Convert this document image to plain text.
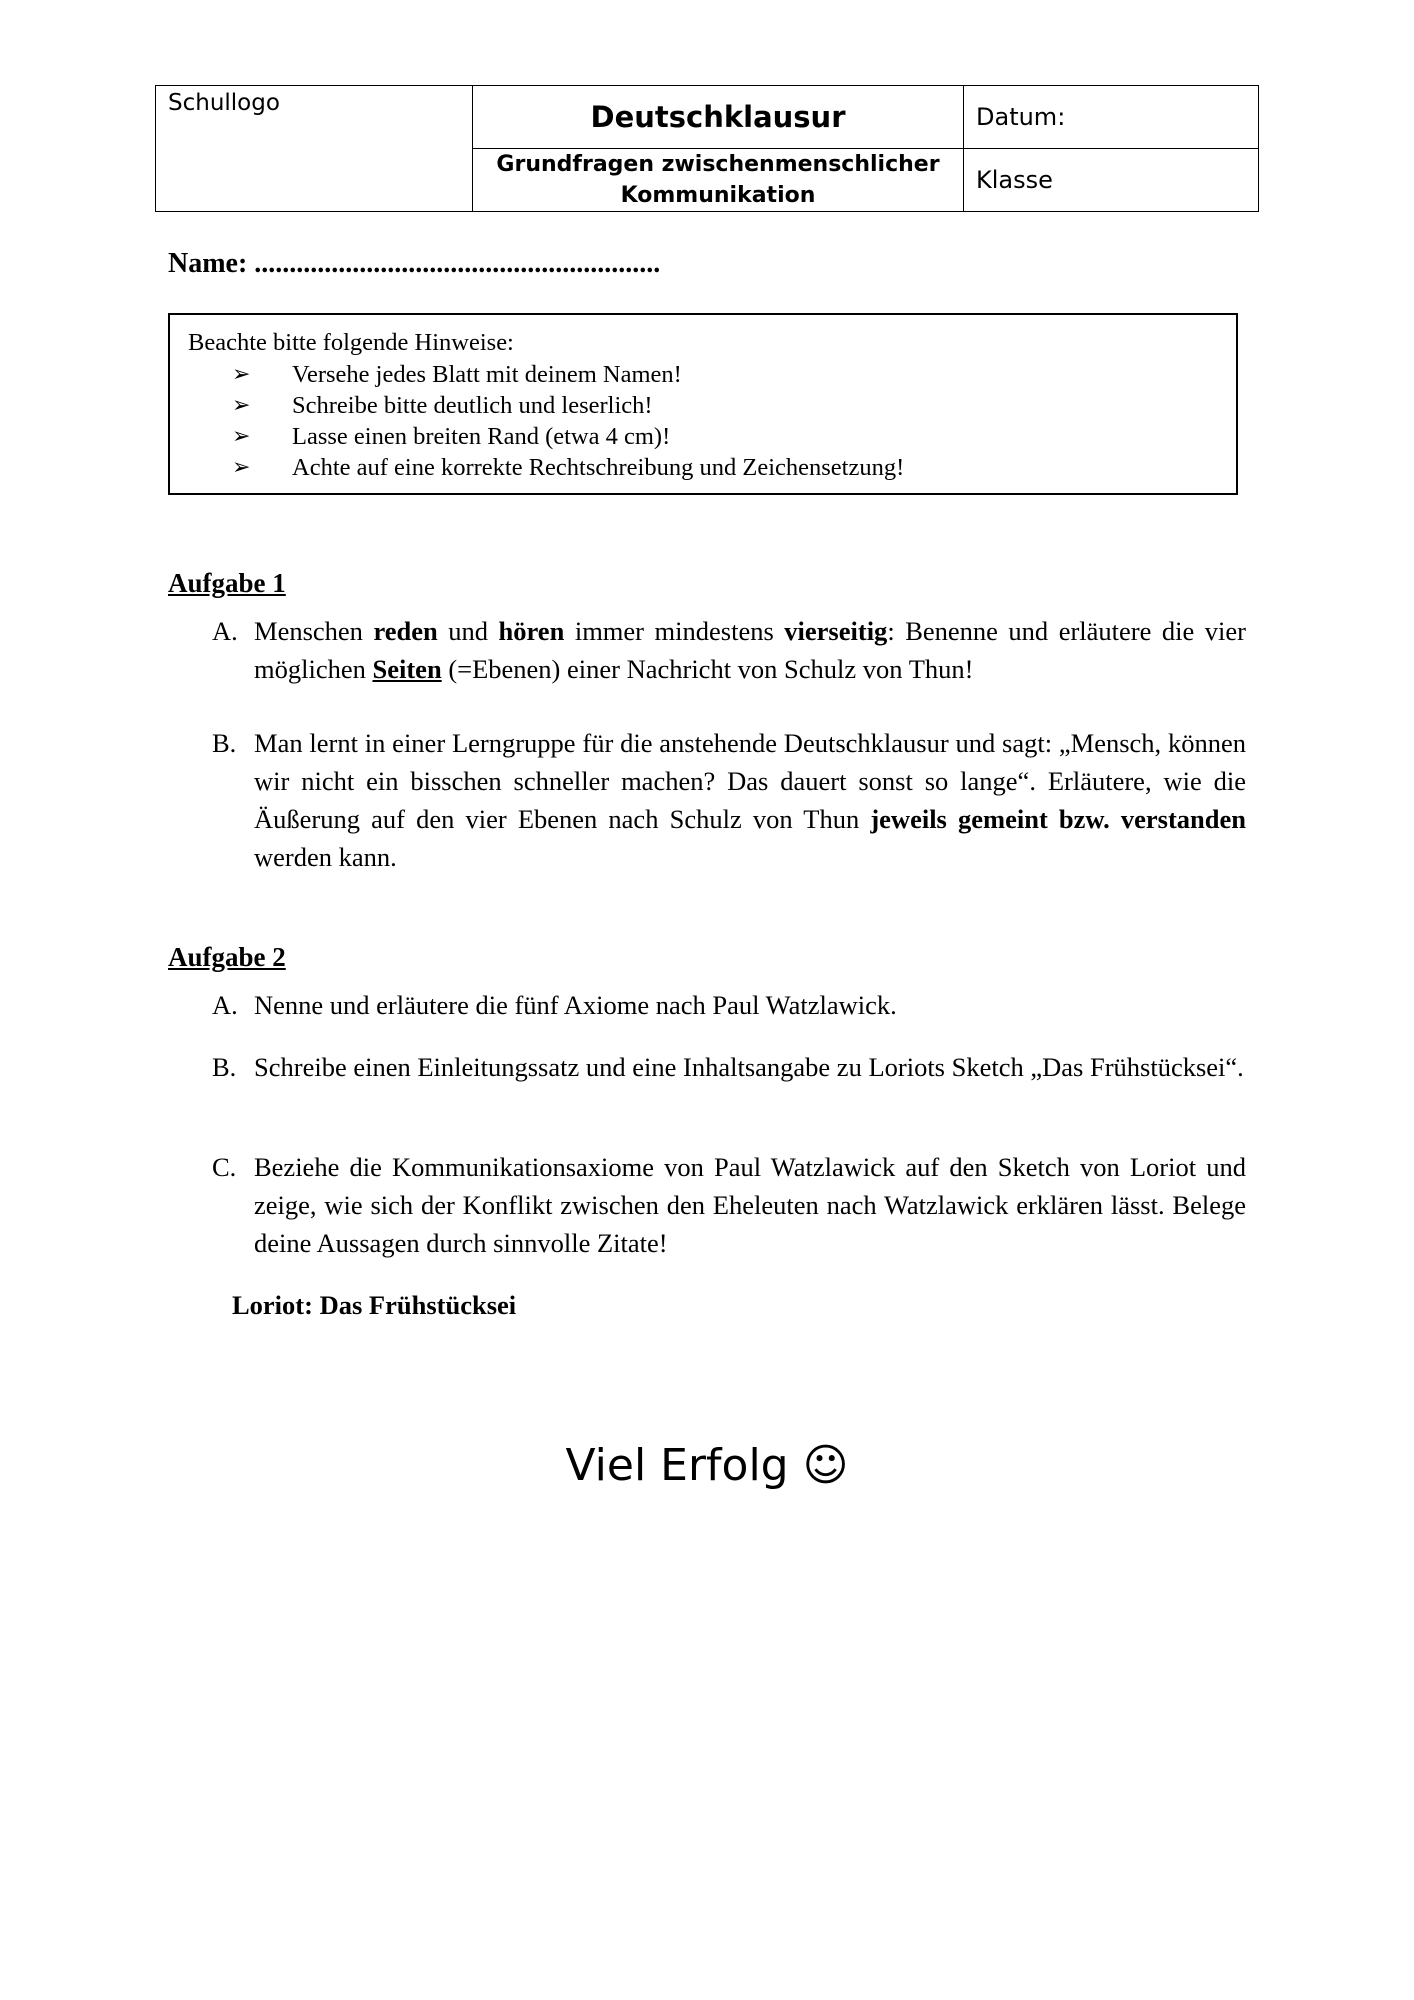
Schullogo	Deutschklausur	Datum:
	Grundfragen zwischenmenschlicher Kommunikation	Klasse
Name: ..........................................................
Beachte bitte folgende Hinweise:
➢ Versehe jedes Blatt mit deinem Namen!
➢ Schreibe bitte deutlich und leserlich!
➢ Lasse einen breiten Rand (etwa 4 cm)!
➢ Achte auf eine korrekte Rechtschreibung und Zeichensetzung!
Aufgabe 1
A. Menschen reden und hören immer mindestens vierseitig: Benenne und erläutere die vier möglichen Seiten (=Ebenen) einer Nachricht von Schulz von Thun!
B. Man lernt in einer Lerngruppe für die anstehende Deutschklausur und sagt: „Mensch, können wir nicht ein bisschen schneller machen? Das dauert sonst so lange“. Erläutere, wie die Äußerung auf den vier Ebenen nach Schulz von Thun jeweils gemeint bzw. verstanden werden kann.
Aufgabe 2
A. Nenne und erläutere die fünf Axiome nach Paul Watzlawick.
B. Schreibe einen Einleitungssatz und eine Inhaltsangabe zu Loriots Sketch „Das Frühstücksei“.
C. Beziehe die Kommunikationsaxiome von Paul Watzlawick auf den Sketch von Loriot und zeige, wie sich der Konflikt zwischen den Eheleuten nach Watzlawick erklären lässt. Belege deine Aussagen durch sinnvolle Zitate!
Loriot: Das Frühstücksei
Viel Erfolg ☺
